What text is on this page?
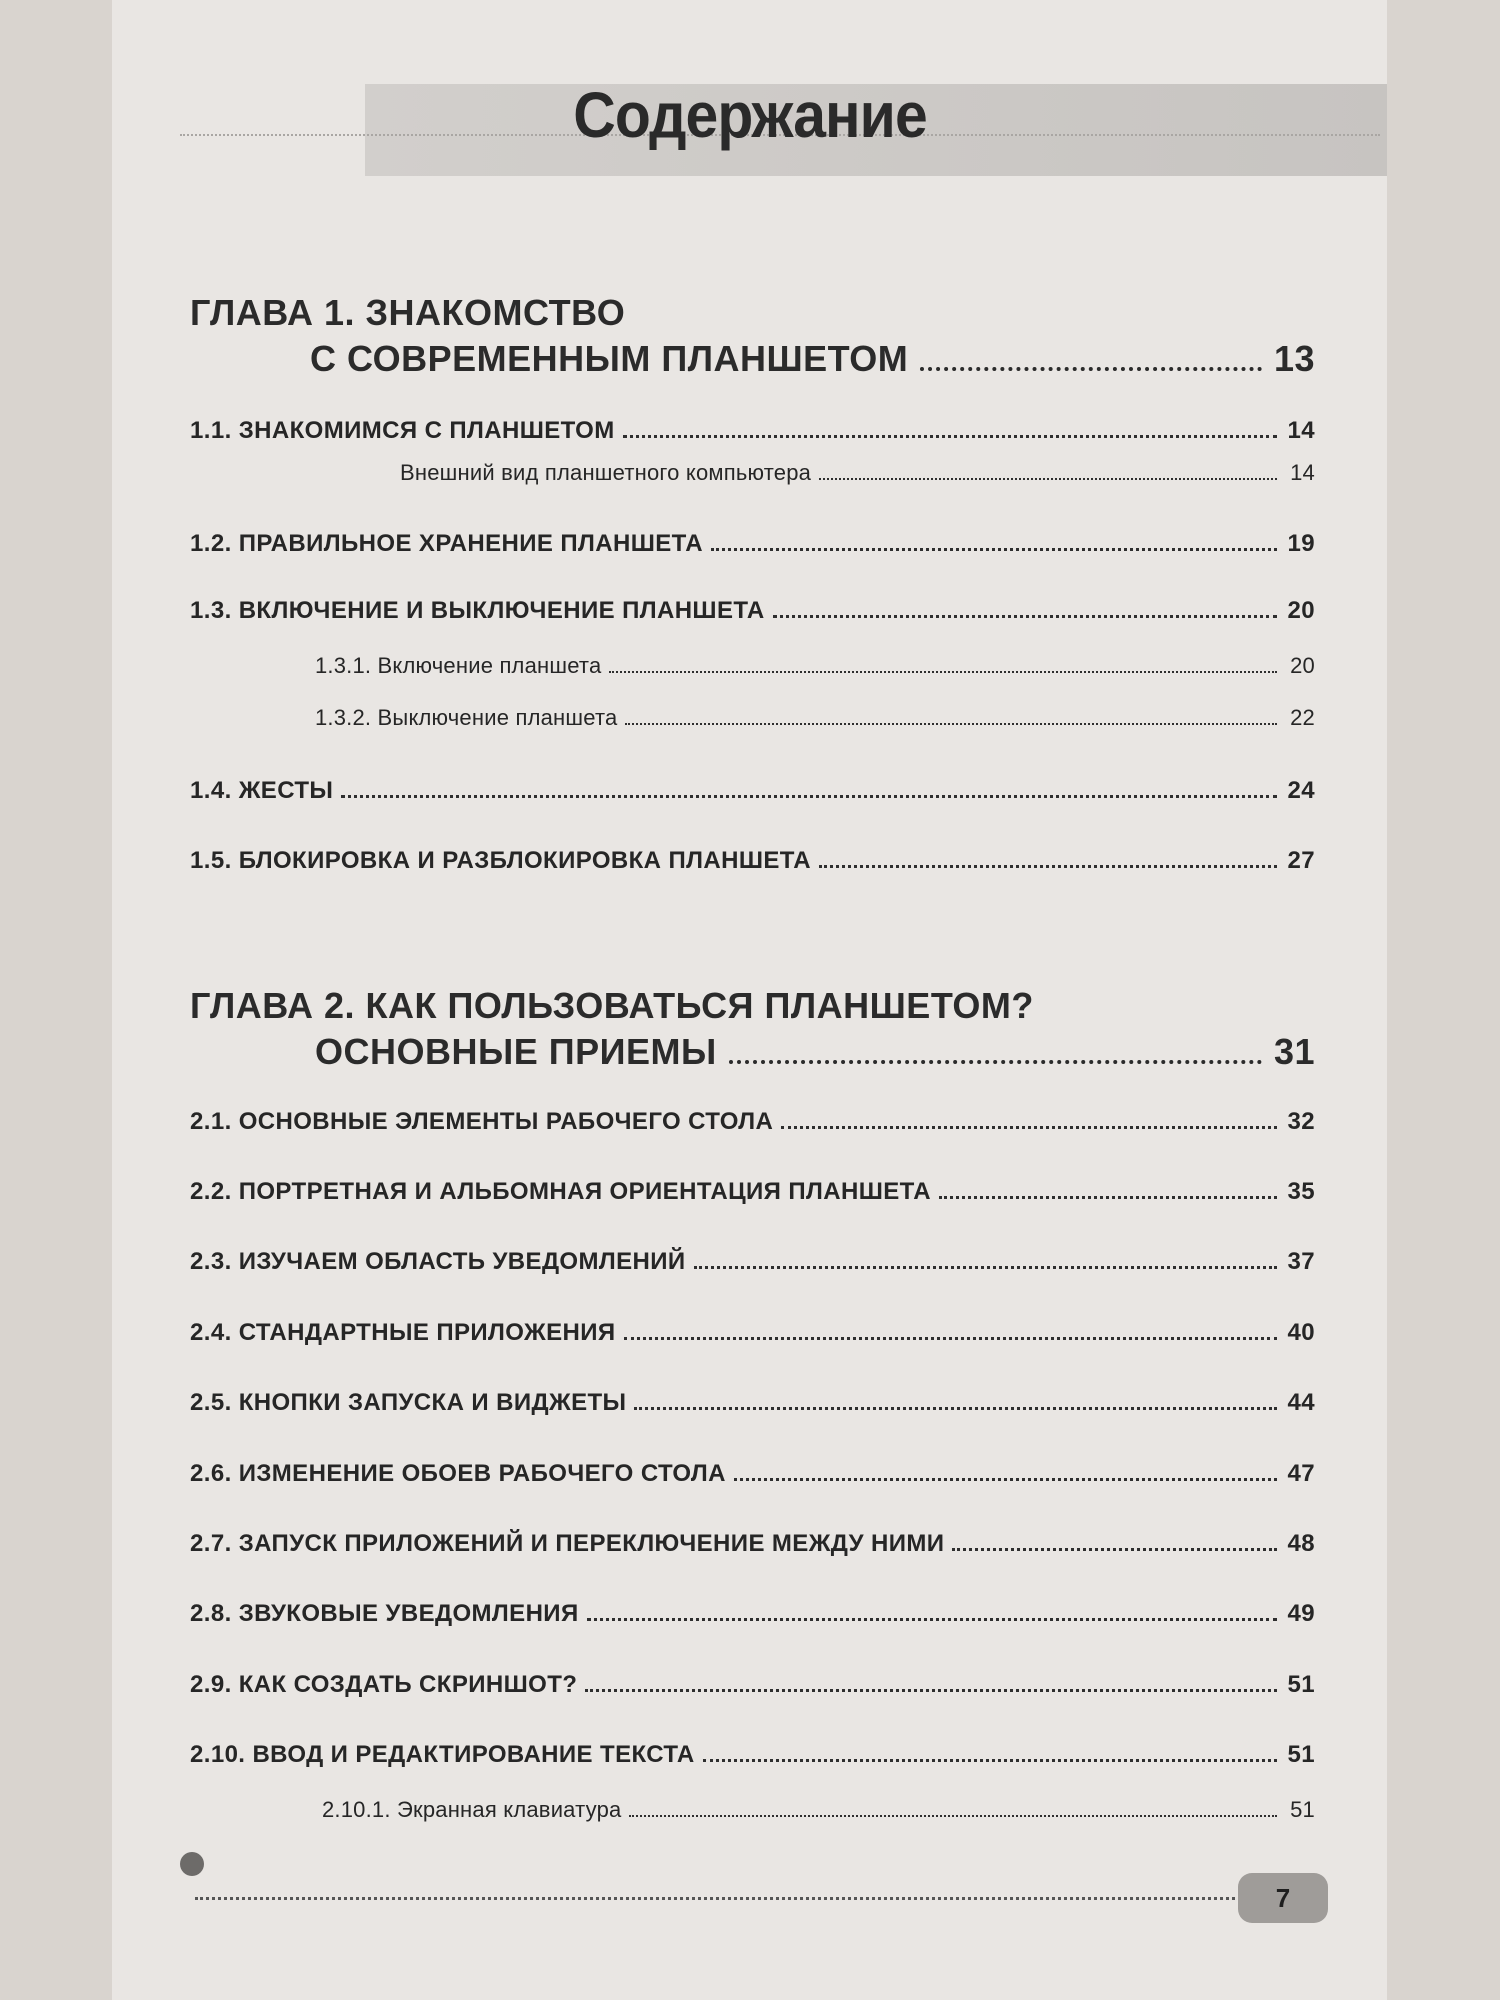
Содержание
ГЛАВА 1. ЗНАКОМСТВО
С СОВРЕМЕННЫМ ПЛАНШЕТОМ	13
1.1. ЗНАКОМИМСЯ С ПЛАНШЕТОМ	14
Внешний вид планшетного компьютера	14
1.2. ПРАВИЛЬНОЕ ХРАНЕНИЕ ПЛАНШЕТА	19
1.3. ВКЛЮЧЕНИЕ И ВЫКЛЮЧЕНИЕ ПЛАНШЕТА	20
1.3.1. Включение планшета	20
1.3.2. Выключение планшета	22
1.4. ЖЕСТЫ	24
1.5. БЛОКИРОВКА И РАЗБЛОКИРОВКА ПЛАНШЕТА	27
ГЛАВА 2. КАК ПОЛЬЗОВАТЬСЯ ПЛАНШЕТОМ?
ОСНОВНЫЕ ПРИЕМЫ	31
2.1. ОСНОВНЫЕ ЭЛЕМЕНТЫ РАБОЧЕГО СТОЛА	32
2.2. ПОРТРЕТНАЯ И АЛЬБОМНАЯ ОРИЕНТАЦИЯ ПЛАНШЕТА	35
2.3. ИЗУЧАЕМ ОБЛАСТЬ УВЕДОМЛЕНИЙ	37
2.4. СТАНДАРТНЫЕ ПРИЛОЖЕНИЯ	40
2.5. КНОПКИ ЗАПУСКА И ВИДЖЕТЫ	44
2.6. ИЗМЕНЕНИЕ ОБОЕВ РАБОЧЕГО СТОЛА	47
2.7. ЗАПУСК ПРИЛОЖЕНИЙ И ПЕРЕКЛЮЧЕНИЕ МЕЖДУ НИМИ	48
2.8. ЗВУКОВЫЕ УВЕДОМЛЕНИЯ	49
2.9. КАК СОЗДАТЬ СКРИНШОТ?	51
2.10. ВВОД И РЕДАКТИРОВАНИЕ ТЕКСТА	51
2.10.1. Экранная клавиатура	51
7
